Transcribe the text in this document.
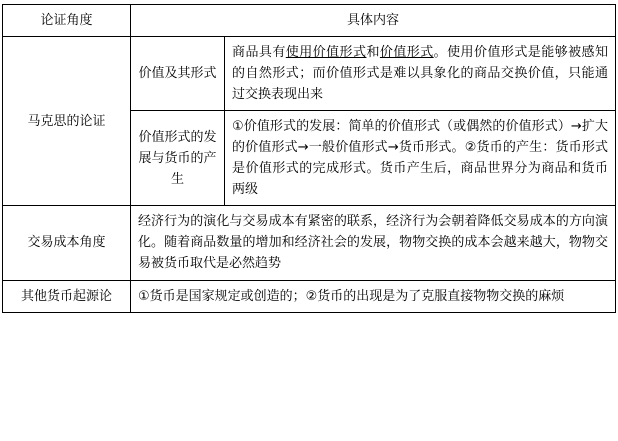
论证角度	具体内容	
马克思的论证	价值及其形式	商品具有使用价值形式和价值形式。使用价值形式是能够被感知的自然形式；而价值形式是难以具象化的商品交换价值，只能通过交换表现出来

	价值形式的发展与货币的产生	①价值形式的发展：简单的价值形式（或偶然的价值形式）→扩大的价值形式→一般价值形式→货币形式。②货币的产生：货币形式是价值形式的完成形式。货币产生后，商品世界分为商品和货币两级

交易成本角度	经济行为的演化与交易成本有紧密的联系，经济行为会朝着降低交易成本的方向演化。随着商品数量的增加和经济社会的发展，物物交换的成本会越来越大，物物交易被货币取代是必然趋势	

其他货币起源论	①货币是国家规定或创造的；②货币的出现是为了克服直接物物交换的麻烦	
